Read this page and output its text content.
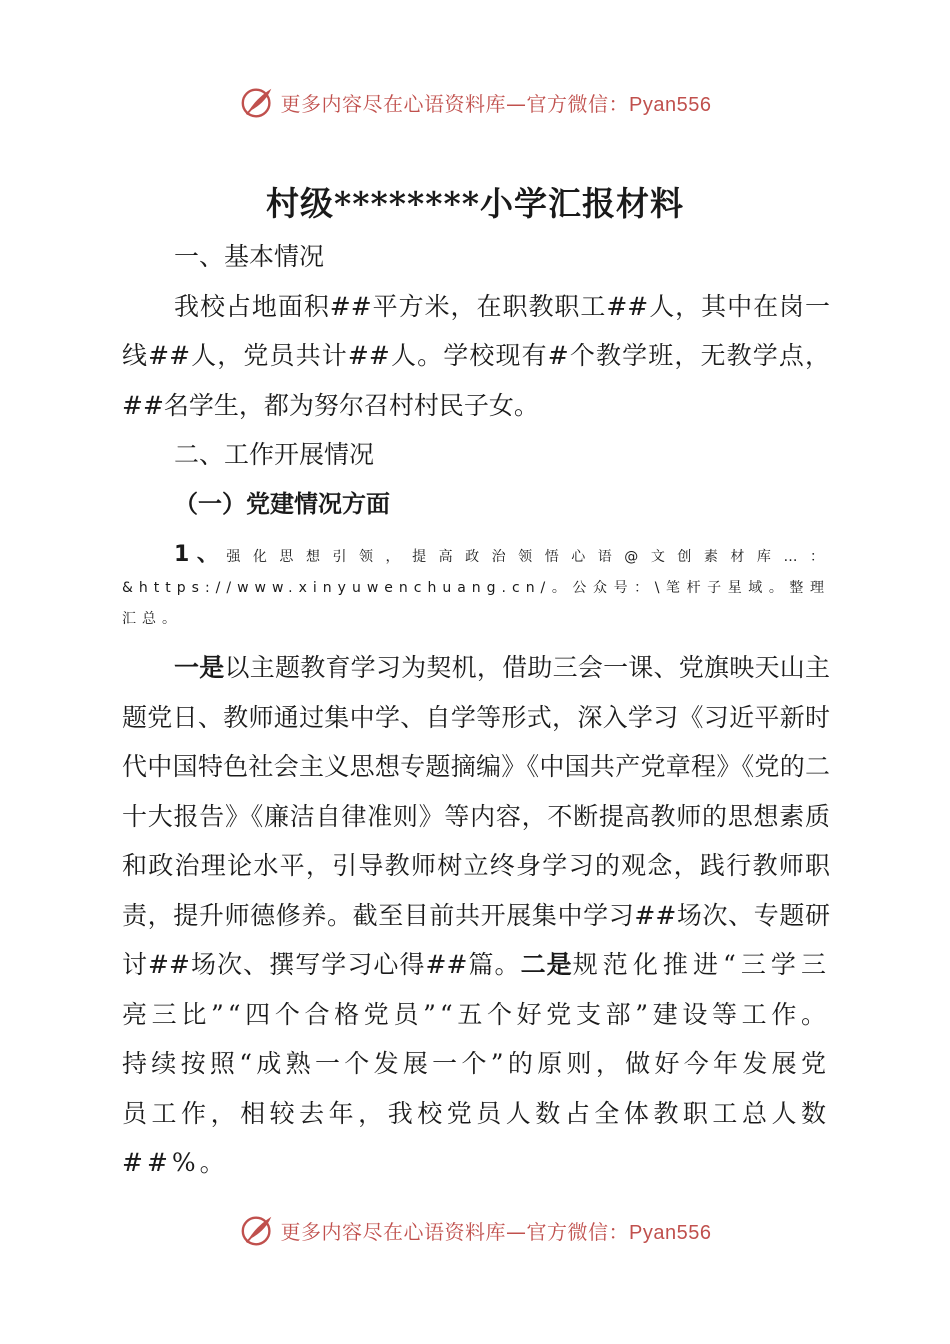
更多内容尽在心语资料库—官方微信：Pyan556
村级********小学汇报材料

一、基本情况

我校占地面积##平方米，在职教职工##人，其中在岗一线##人，党员共计##人。学校现有#个教学班，无教学点，##名学生，都为努尔召村村民子女。

二、工作开展情况

（一）党建情况方面

1、强化思想引领，提高政治领悟心语@文创素材库…：&https://www.xinyuwenchuang.cn/。公众号：\笔杆子星域。整理汇总。

一是以主题教育学习为契机，借助三会一课、党旗映天山主题党日、教师通过集中学、自学等形式，深入学习《习近平新时代中国特色社会主义思想专题摘编》《中国共产党章程》《党的二十大报告》《廉洁自律准则》等内容，不断提高教师的思想素质和政治理论水平，引导教师树立终身学习的观念，践行教师职责，提升师德修养。截至目前共开展集中学习##场次、专题研讨##场次、撰写学习心得##篇。二是规范化推进“三学三亮三比”“四个合格党员”“五个好党支部”建设等工作。持续按照“成熟一个发展一个”的原则，做好今年发展党员工作，相较去年，我校党员人数占全体教职工总人数##%。

更多内容尽在心语资料库—官方微信：Pyan556
